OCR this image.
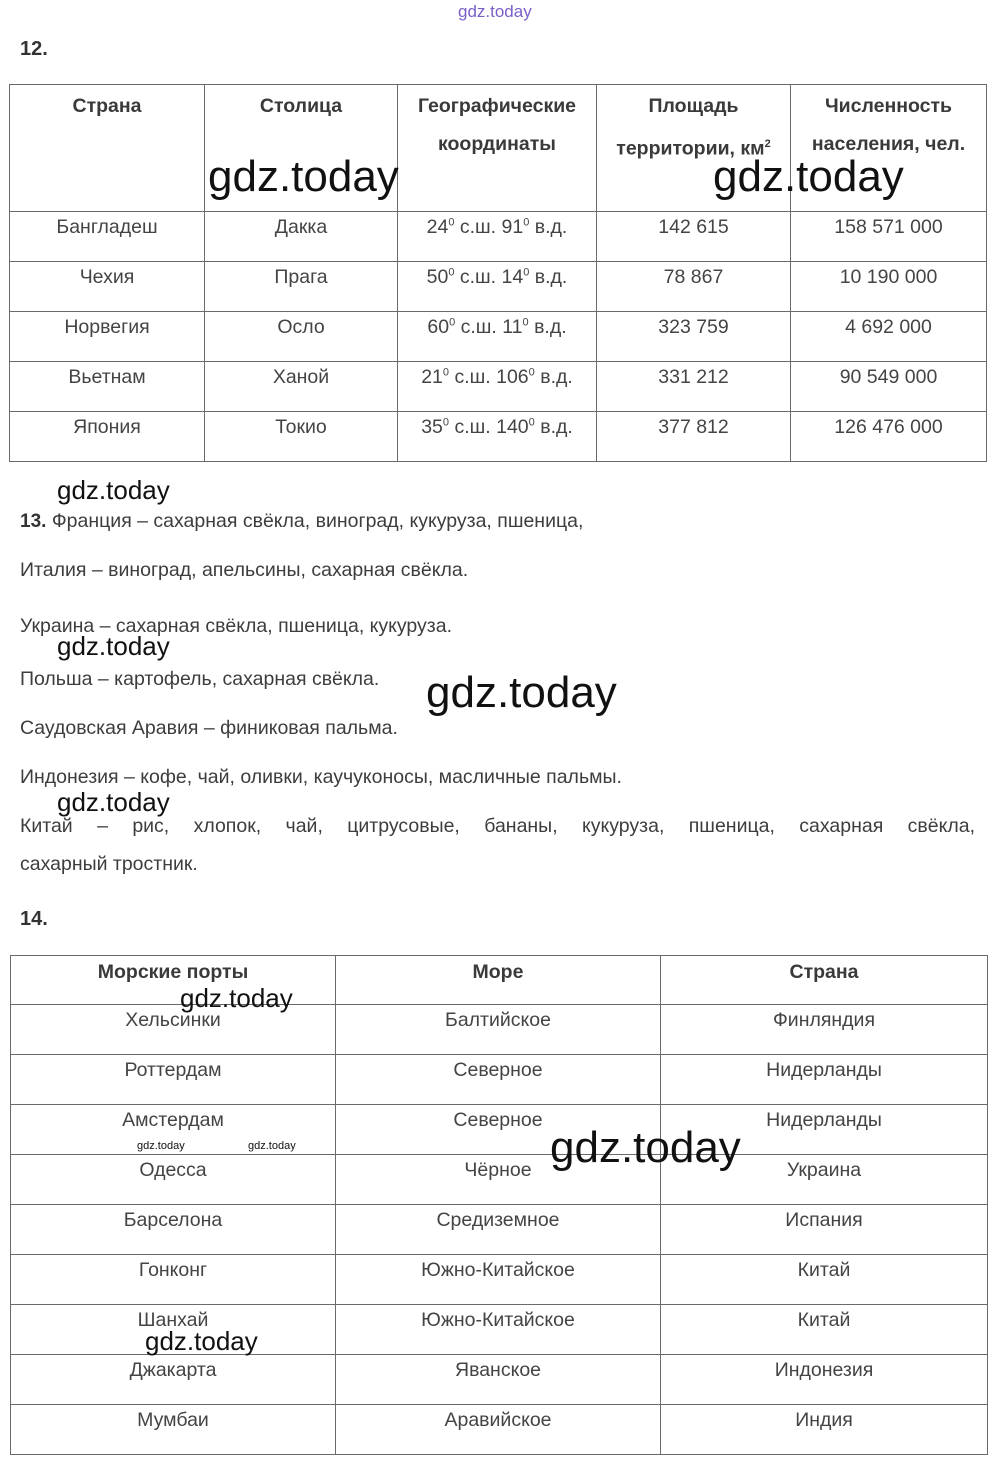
gdz.today
12.
Страна	Столица	Географические координаты	Площадь территории, $км^2$	Численность населения, чел.
Бангладеш	Дакка	$24^0$ с.ш. $91^0$ в.д.	142 615	158 571 000
Чехия	Прага	$50^0$ с.ш. $14^0$ в.д.	78 867	10 190 000
Норвегия	Осло	$60^0$ с.ш. $11^0$ в.д.	323 759	4 692 000
Вьетнам	Ханой	$21^0$ с.ш. $106^0$ в.д.	331 212	90 549 000
Япония	Токио	$35^0$ с.ш. $140^0$ в.д.	377 812	126 476 000
13. Франция – сахарная свёкла, виноград, кукуруза, пшеница,
Италия – виноград, апельсины, сахарная свёкла.
Украина – сахарная свёкла, пшеница, кукуруза.
Польша – картофель, сахарная свёкла.
Саудовская Аравия – финиковая пальма.
Индонезия – кофе, чай, оливки, каучуконосы, масличные пальмы.
Китай – рис, хлопок, чай, цитрусовые, бананы, кукуруза, пшеница, сахарная свёкла,
сахарный тростник.
14.
Морские порты	Море	Страна
Хельсинки	Балтийское	Финляндия
Роттердам	Северное	Нидерланды
Амстердам	Северное	Нидерланды
Одесса	Чёрное	Украина
Барселона	Средиземное	Испания
Гонконг	Южно-Китайское	Китай
Шанхай	Южно-Китайское	Китай
Джакарта	Яванское	Индонезия
Мумбаи	Аравийское	Индия
gdz.today	gdz.today
gdz.today
gdz.today
gdz.today
gdz.today
gdz.today
gdz.today	gdz.today	gdz.today
gdz.today
